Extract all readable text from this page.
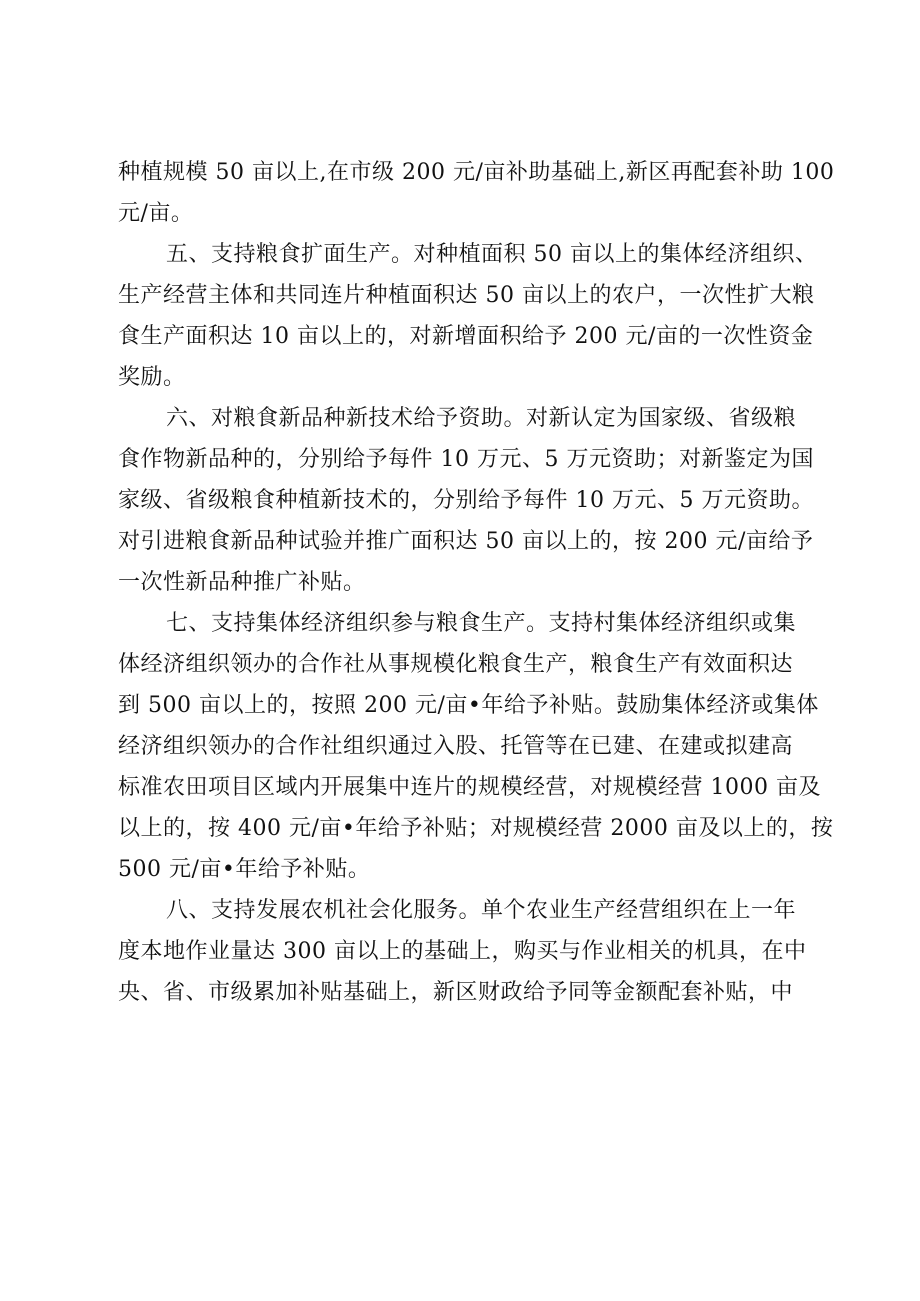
种植规模 50 亩以上,在市级 200 元/亩补助基础上,新区再配套补助 100
元/亩。
五、支持粮食扩面生产。对种植面积 50 亩以上的集体经济组织、
生产经营主体和共同连片种植面积达 50 亩以上的农户，一次性扩大粮
食生产面积达 10 亩以上的，对新增面积给予 200 元/亩的一次性资金
奖励。
六、对粮食新品种新技术给予资助。对新认定为国家级、省级粮
食作物新品种的，分别给予每件 10 万元、5 万元资助；对新鉴定为国
家级、省级粮食种植新技术的，分别给予每件 10 万元、5 万元资助。
对引进粮食新品种试验并推广面积达 50 亩以上的，按 200 元/亩给予
一次性新品种推广补贴。
七、支持集体经济组织参与粮食生产。支持村集体经济组织或集
体经济组织领办的合作社从事规模化粮食生产，粮食生产有效面积达
到 500 亩以上的，按照 200 元/亩•年给予补贴。鼓励集体经济或集体
经济组织领办的合作社组织通过入股、托管等在已建、在建或拟建高
标准农田项目区域内开展集中连片的规模经营，对规模经营 1000 亩及
以上的，按 400 元/亩•年给予补贴；对规模经营 2000 亩及以上的，按
500 元/亩•年给予补贴。
八、支持发展农机社会化服务。单个农业生产经营组织在上一年
度本地作业量达 300 亩以上的基础上，购买与作业相关的机具，在中
央、省、市级累加补贴基础上，新区财政给予同等金额配套补贴，中
